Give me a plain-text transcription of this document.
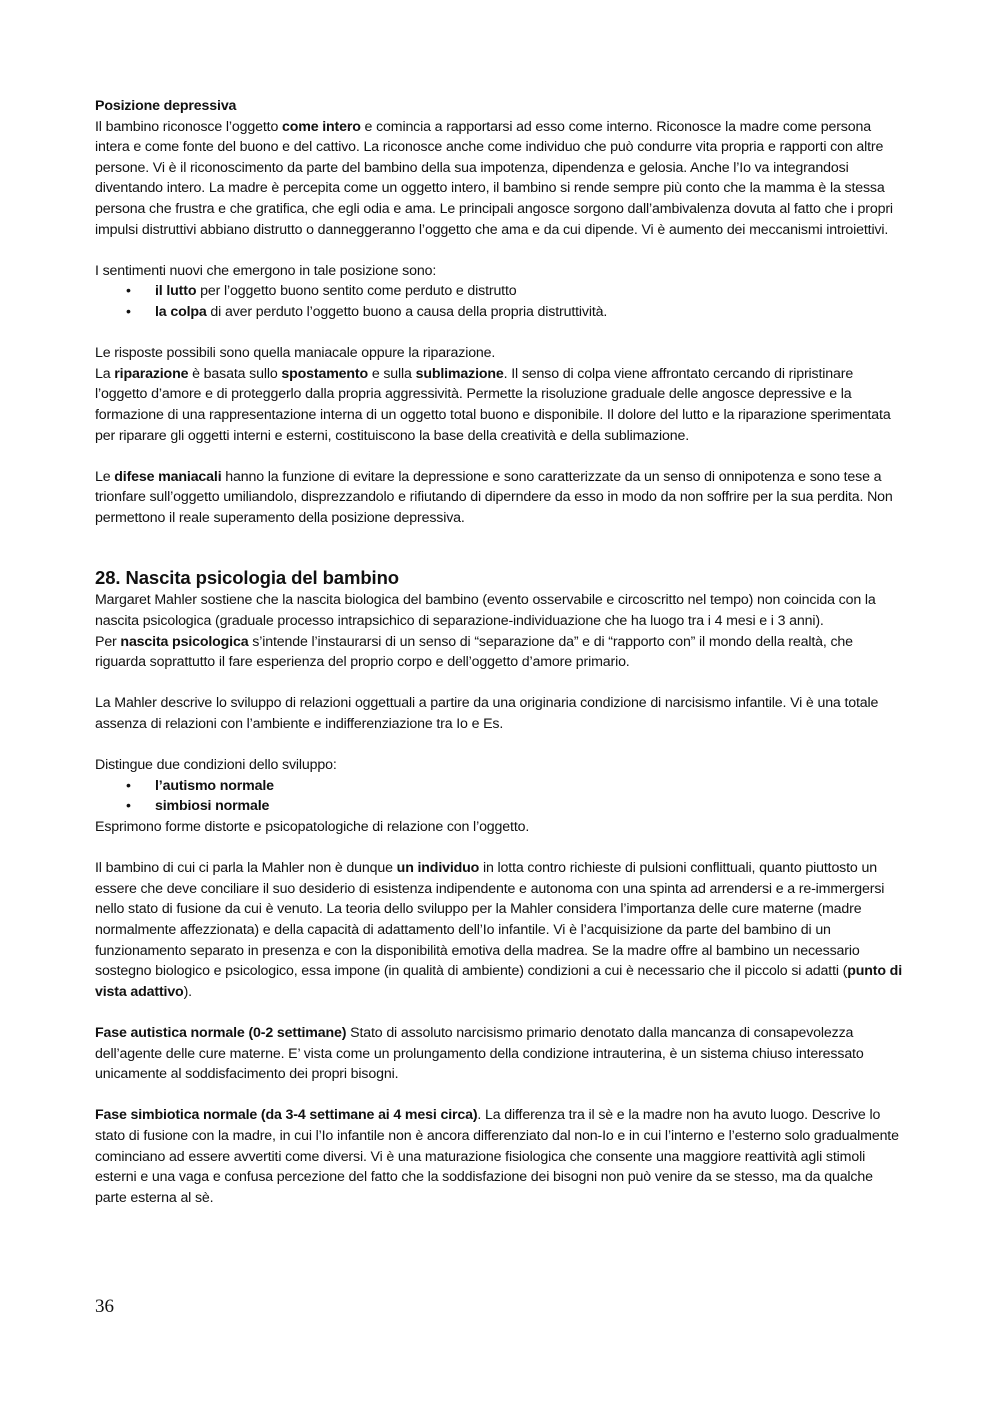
Posizione depressiva

Il bambino riconosce l’oggetto come intero e comincia a rapportarsi ad esso come interno. Riconosce la madre come persona intera e come fonte del buono e del cattivo. La riconosce anche come individuo che può condurre vita propria e rapporti con altre persone. Vi è il riconoscimento da parte del bambino della sua impotenza, dipendenza e gelosia. Anche l’Io va integrandosi diventando intero. La madre è percepita come un oggetto intero, il bambino si rende sempre più conto che la mamma è la stessa persona che frustra e che gratifica, che egli odia e ama. Le principali angosce sorgono dall’ambivalenza dovuta al fatto che i propri impulsi distruttivi abbiano distrutto o danneggeranno l’oggetto che ama e da cui dipende. Vi è aumento dei meccanismi introiettivi.

I sentimenti nuovi che emergono in tale posizione sono:

• il lutto per l’oggetto buono sentito come perduto e distrutto
• la colpa di aver perduto l’oggetto buono a causa della propria distruttività.

Le risposte possibili sono quella maniacale oppure la riparazione.

La riparazione è basata sullo spostamento e sulla sublimazione. Il senso di colpa viene affrontato cercando di ripristinare l’oggetto d’amore e di proteggerlo dalla propria aggressività. Permette la risoluzione graduale delle angosce depressive e la formazione di una rappresentazione interna di un oggetto total buono e disponibile. Il dolore del lutto e la riparazione sperimentata per riparare gli oggetti interni e esterni, costituiscono la base della creatività e della sublimazione.

Le difese maniacali hanno la funzione di evitare la depressione e sono caratterizzate da un senso di onnipotenza e sono tese a trionfare sull’oggetto umiliandolo, disprezzandolo e rifiutando di diperndere da esso in modo da non soffrire per la sua perdita. Non permettono il reale superamento della posizione depressiva.

28. Nascita psicologia del bambino

Margaret Mahler sostiene che la nascita biologica del bambino (evento osservabile e circoscritto nel tempo) non coincida con la nascita psicologica (graduale processo intrapsichico di separazione-individuazione che ha luogo tra i 4 mesi e i 3 anni).

Per nascita psicologica s’intende l’instaurarsi di un senso di “separazione da” e di “rapporto con” il mondo della realtà, che riguarda soprattutto il fare esperienza del proprio corpo e dell’oggetto d’amore primario.

La Mahler descrive lo sviluppo di relazioni oggettuali a partire da una originaria condizione di narcisismo infantile. Vi è una totale assenza di relazioni con l’ambiente e indifferenziazione tra Io e Es.

Distingue due condizioni dello sviluppo:

• l’autismo normale
• simbiosi normale

Esprimono forme distorte e psicopatologiche di relazione con l’oggetto.

Il bambino di cui ci parla la Mahler non è dunque un individuo in lotta contro richieste di pulsioni conflittuali, quanto piuttosto un essere che deve conciliare il suo desiderio di esistenza indipendente e autonoma con una spinta ad arrendersi e a re-immergersi nello stato di fusione da cui è venuto. La teoria dello sviluppo per la Mahler considera l’importanza delle cure materne (madre normalmente affezzionata) e della capacità di adattamento dell’Io infantile. Vi è l’acquisizione da parte del bambino di un funzionamento separato in presenza e con la disponibilità emotiva della madrea. Se la madre offre al bambino un necessario sostegno biologico e psicologico, essa impone (in qualità di ambiente) condizioni a cui è necessario che il piccolo si adatti (punto di vista adattivo).

Fase autistica normale (0-2 settimane) Stato di assoluto narcisismo primario denotato dalla mancanza di consapevolezza dell’agente delle cure materne. E’ vista come un prolungamento della condizione intrauterina, è un sistema chiuso interessato unicamente al soddisfacimento dei propri bisogni.

Fase simbiotica normale (da 3-4 settimane ai 4 mesi circa). La differenza tra il sè e la madre non ha avuto luogo. Descrive lo stato di fusione con la madre, in cui l’Io infantile non è ancora differenziato dal non-Io e in cui l’interno e l’esterno solo gradualmente cominciano ad essere avvertiti come diversi. Vi è una maturazione fisiologica che consente una maggiore reattività agli stimoli esterni e una vaga e confusa percezione del fatto che la soddisfazione dei bisogni non può venire da se stesso, ma da qualche parte esterna al sè.

36
